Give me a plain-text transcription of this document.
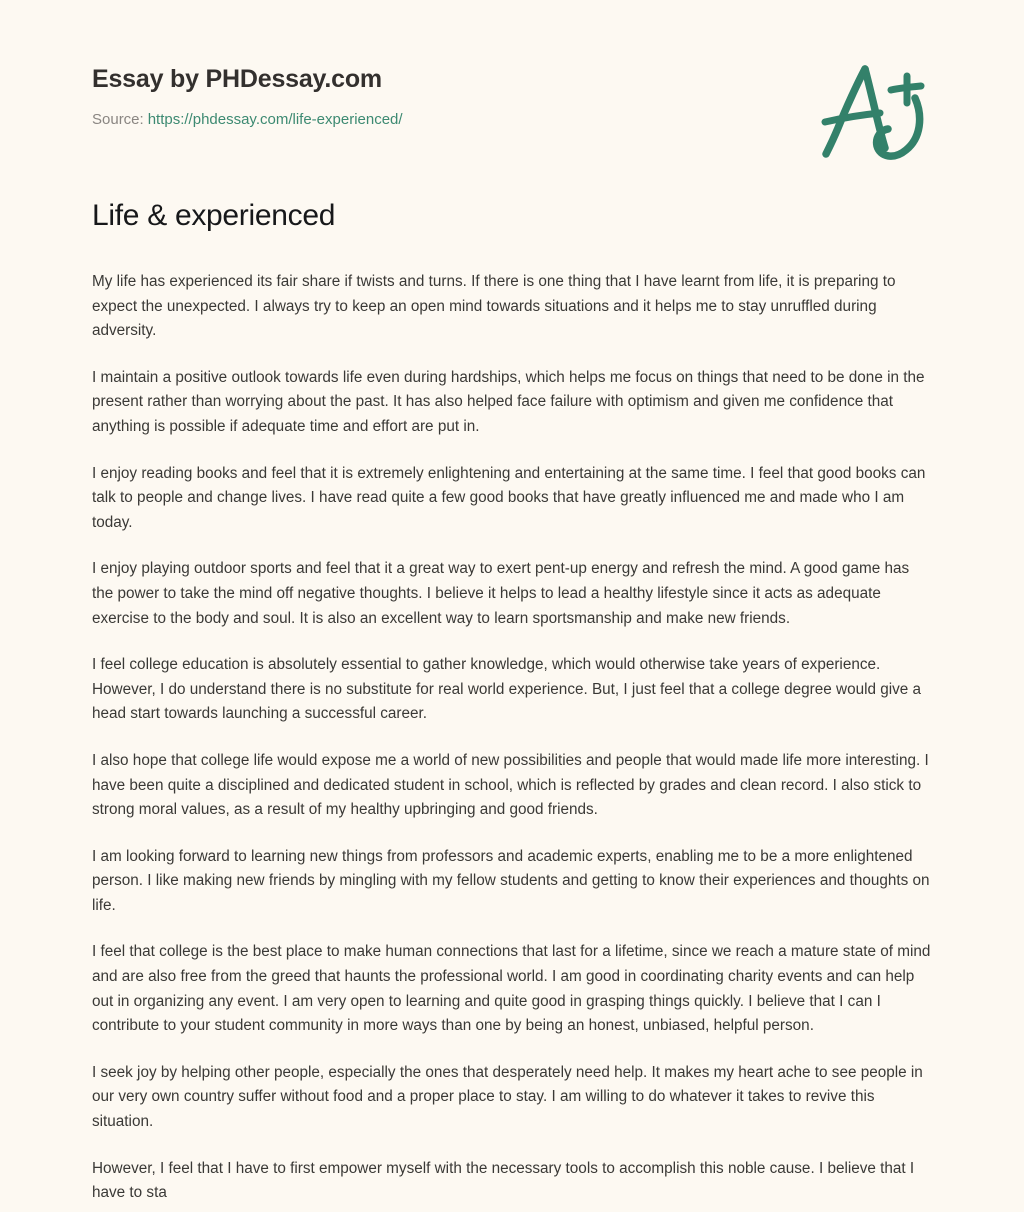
Essay by PHDessay.com
Source: https://phdessay.com/life-experienced/
Life & experienced

My life has experienced its fair share if twists and turns. If there is one thing that I have learnt from life, it is preparing to expect the unexpected. I always try to keep an open mind towards situations and it helps me to stay unruffled during adversity.

I maintain a positive outlook towards life even during hardships, which helps me focus on things that need to be done in the present rather than worrying about the past. It has also helped face failure with optimism and given me confidence that anything is possible if adequate time and effort are put in.

I enjoy reading books and feel that it is extremely enlightening and entertaining at the same time. I feel that good books can talk to people and change lives. I have read quite a few good books that have greatly influenced me and made who I am today.

I enjoy playing outdoor sports and feel that it a great way to exert pent-up energy and refresh the mind. A good game has the power to take the mind off negative thoughts. I believe it helps to lead a healthy lifestyle since it acts as adequate exercise to the body and soul. It is also an excellent way to learn sportsmanship and make new friends.

I feel college education is absolutely essential to gather knowledge, which would otherwise take years of experience. However, I do understand there is no substitute for real world experience. But, I just feel that a college degree would give a head start towards launching a successful career.

I also hope that college life would expose me a world of new possibilities and people that would made life more interesting. I have been quite a disciplined and dedicated student in school, which is reflected by grades and clean record. I also stick to strong moral values, as a result of my healthy upbringing and good friends.

I am looking forward to learning new things from professors and academic experts, enabling me to be a more enlightened person. I like making new friends by mingling with my fellow students and getting to know their experiences and thoughts on life.

I feel that college is the best place to make human connections that last for a lifetime, since we reach a mature state of mind and are also free from the greed that haunts the professional world. I am good in coordinating charity events and can help out in organizing any event. I am very open to learning and quite good in grasping things quickly. I believe that I can I contribute to your student community in more ways than one by being an honest, unbiased, helpful person.

I seek joy by helping other people, especially the ones that desperately need help. It makes my heart ache to see people in our very own country suffer without food and a proper place to stay. I am willing to do whatever it takes to revive this situation.

However, I feel that I have to first empower myself with the necessary tools to accomplish this noble cause. I believe that I have to sta
